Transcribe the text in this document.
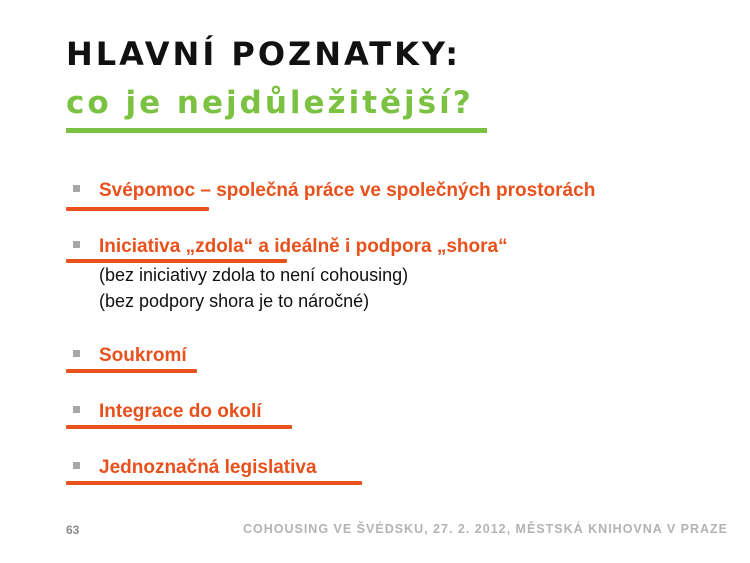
HLAVNÍ POZNATKY:
co je nejdůležitější?
Svépomoc – společná práce ve společných prostorách
Iniciativa „zdola“ a ideálně i podpora „shora“
(bez iniciativy zdola to není cohousing)
(bez podpory shora je to náročné)
Soukromí
Integrace do okolí
Jednoznačná legislativa
63	COHOUSING VE ŠVÉDSKU, 27. 2. 2012, MĚSTSKÁ KNIHOVNA V PRAZE
